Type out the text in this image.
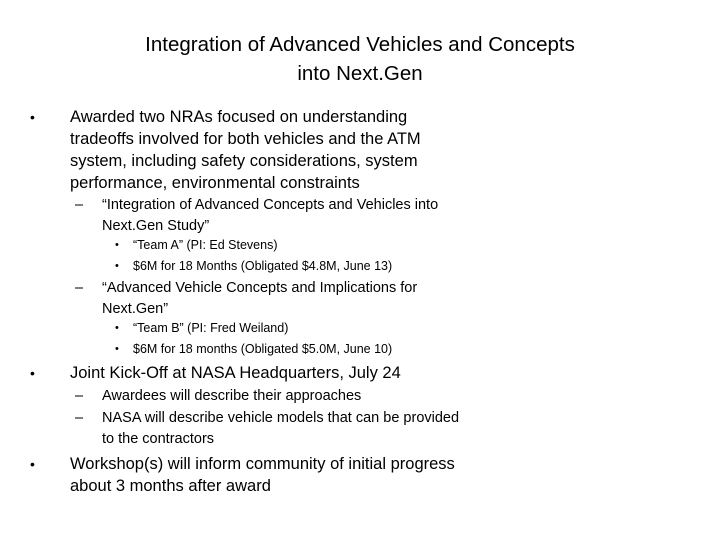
Integration of Advanced Vehicles and Concepts
into Next.Gen
• Awarded two NRAs focused on understanding
tradeoffs involved for both vehicles and the ATM
system, including safety considerations, system
performance, environmental constraints
– “Integration of Advanced Concepts and Vehicles into
Next.Gen Study”
• “Team A” (PI: Ed Stevens)
• $6M for 18 Months (Obligated $4.8M, June 13)
– “Advanced Vehicle Concepts and Implications for
Next.Gen”
• “Team B” (PI: Fred Weiland)
• $6M for 18 months (Obligated $5.0M, June 10)
• Joint Kick-Off at NASA Headquarters, July 24
– Awardees will describe their approaches
– NASA will describe vehicle models that can be provided
to the contractors
• Workshop(s) will inform community of initial progress
about 3 months after award
